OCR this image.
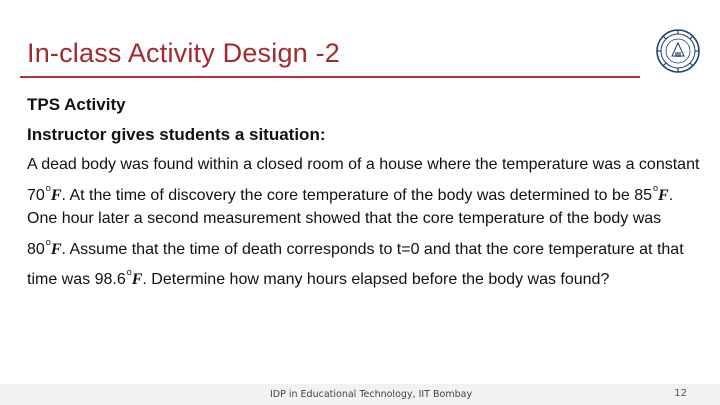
In-class Activity Design -2

TPS Activity

Instructor gives students a situation:

A dead body was found within a closed room of a house where the temperature was a constant 70$^o$F. At the time of discovery the core temperature of the body was determined to be 85$^o$F. One hour later a second measurement showed that the core temperature of the body was 80$^o$F. Assume that the time of death corresponds to t=0 and that the core temperature at that time was 98.6$^o$F. Determine how many hours elapsed before the body was found?
IDP in Educational Technology, IIT Bombay	12
